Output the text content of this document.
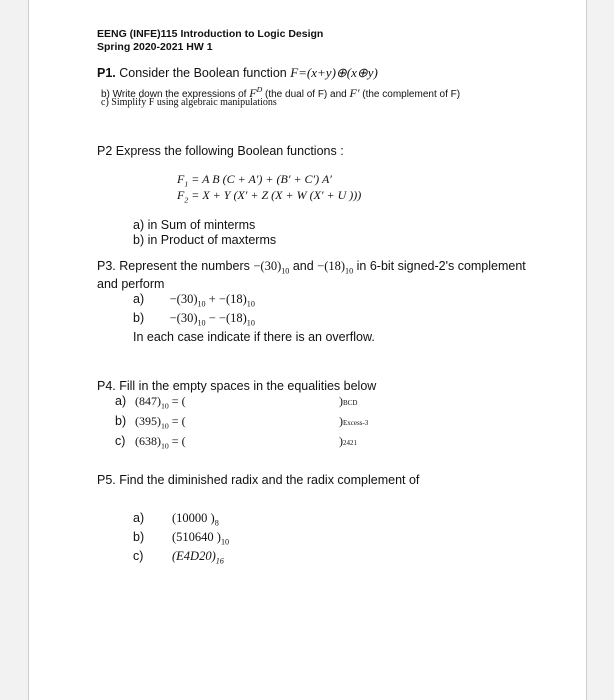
EENG (INFE)115 Introduction to Logic Design
Spring 2020-2021 HW 1
P1. Consider the Boolean function F=(x+y)⊕(x⊕y)
b) Write down the expressions of $F^D$ (the dual of F) and F′ (the complement of F)
c) Simplify F using algebraic manipulations
P2 Express the following Boolean functions :
$F_1 = A$ B (C + A′) + (B′ + C′) A′
$F_2 = X + Y$ (X′ + Z (X + W (X′ + U )))
a) in Sum of minterms
b) in Product of maxterms
P3. Represent the numbers $-(30)_{10}$ and $-(18)_{10}$ in 6-bit signed-2's complement
and perform
$a) -(30)_{10} + -(18)_{10}$
$b) -(30)_{10} - -(18)_{10}$
In each case indicate if there is an overflow.
P4. Fill in the empty spaces in the equalities below
a) $(847)_{10}$ = (	)BCD
b) $(395)_{10}$ = (	)Excess-3
c) $(638)_{10}$ = (	)2421
P5. Find the diminished radix and the radix complement of
a) (10000 )$_8$
b) (510640 )$_{10}$
c) $(E4D20)_{16}$
